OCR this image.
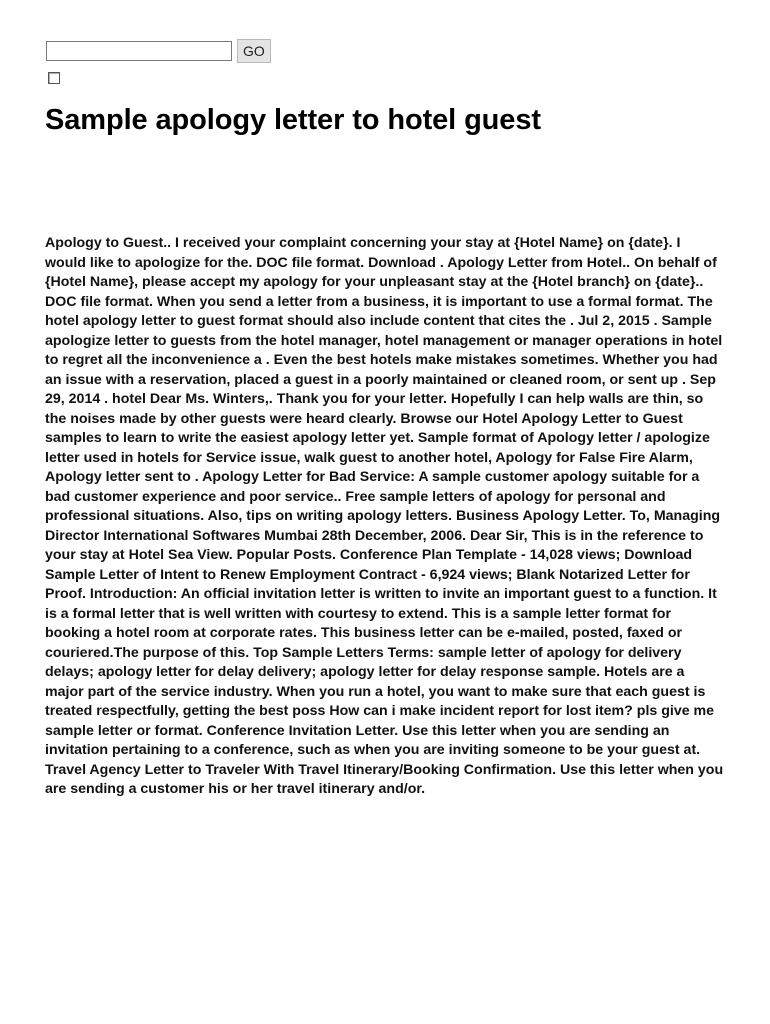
GO
Sample apology letter to hotel guest

Apology to Guest.. I received your complaint concerning your stay at {Hotel Name} on {date}. I would like to apologize for the. DOC file format. Download . Apology Letter from Hotel.. On behalf of {Hotel Name}, please accept my apology for your unpleasant stay at the {Hotel branch} on {date}.. DOC file format. When you send a letter from a business, it is important to use a formal format. The hotel apology letter to guest format should also include content that cites the . Jul 2, 2015 . Sample apologize letter to guests from the hotel manager, hotel management or manager operations in hotel to regret all the inconvenience a . Even the best hotels make mistakes sometimes. Whether you had an issue with a reservation, placed a guest in a poorly maintained or cleaned room, or sent up . Sep 29, 2014 . hotel Dear Ms. Winters,. Thank you for your letter. Hopefully I can help walls are thin, so the noises made by other guests were heard clearly. Browse our Hotel Apology Letter to Guest samples to learn to write the easiest apology letter yet. Sample format of Apology letter / apologize letter used in hotels for Service issue, walk guest to another hotel, Apology for False Fire Alarm, Apology letter sent to . Apology Letter for Bad Service: A sample customer apology suitable for a bad customer experience and poor service.. Free sample letters of apology for personal and professional situations. Also, tips on writing apology letters. Business Apology Letter. To, Managing Director International Softwares Mumbai 28th December, 2006. Dear Sir, This is in the reference to your stay at Hotel Sea View. Popular Posts. Conference Plan Template - 14,028 views; Download Sample Letter of Intent to Renew Employment Contract - 6,924 views; Blank Notarized Letter for Proof. Introduction: An official invitation letter is written to invite an important guest to a function. It is a formal letter that is well written with courtesy to extend. This is a sample letter format for booking a hotel room at corporate rates. This business letter can be e-mailed, posted, faxed or couriered.The purpose of this. Top Sample Letters Terms: sample letter of apology for delivery delays; apology letter for delay delivery; apology letter for delay response sample. Hotels are a major part of the service industry. When you run a hotel, you want to make sure that each guest is treated respectfully, getting the best poss How can i make incident report for lost item? pls give me sample letter or format. Conference Invitation Letter. Use this letter when you are sending an invitation pertaining to a conference, such as when you are inviting someone to be your guest at. Travel Agency Letter to Traveler With Travel Itinerary/Booking Confirmation. Use this letter when you are sending a customer his or her travel itinerary and/or.
